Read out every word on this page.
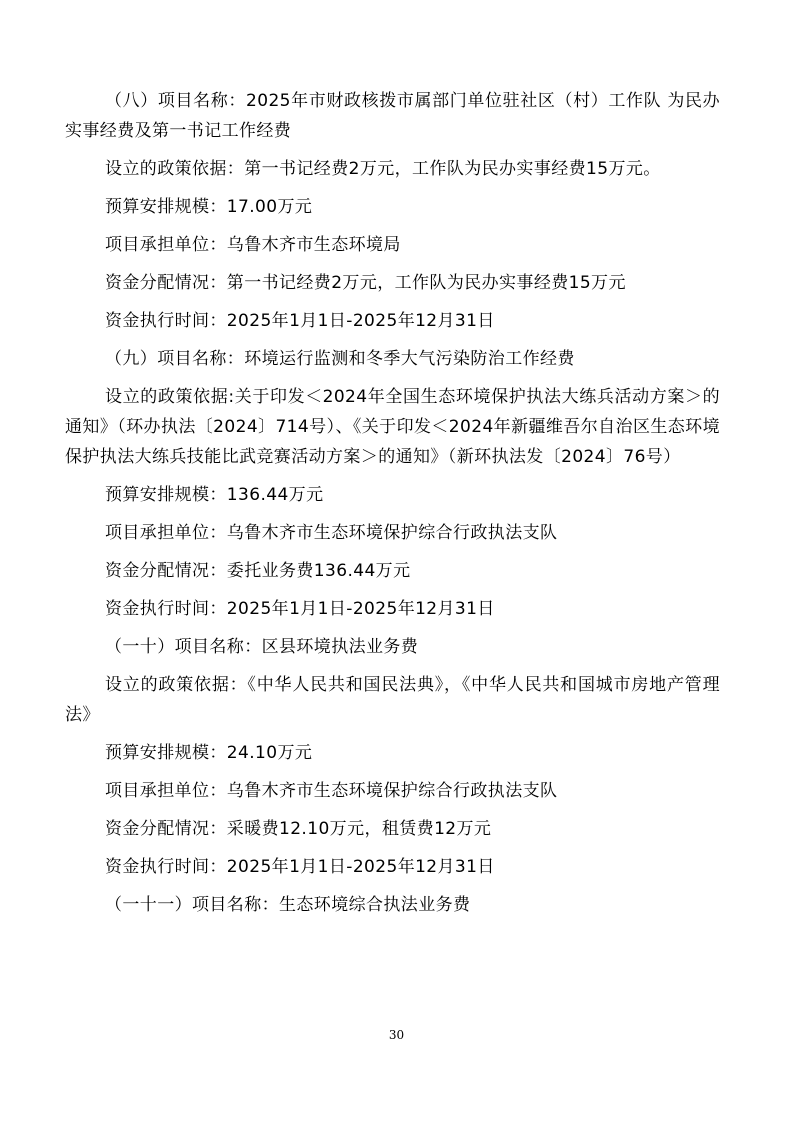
（八）项目名称：2025年市财政核拨市属部门单位驻社区（村）工作队 为民办实事经费及第一书记工作经费

设立的政策依据：第一书记经费2万元，工作队为民办实事经费15万元。

预算安排规模：17.00万元

项目承担单位：乌鲁木齐市生态环境局

资金分配情况：第一书记经费2万元，工作队为民办实事经费15万元

资金执行时间：2025年1月1日-2025年12月31日

（九）项目名称：环境运行监测和冬季大气污染防治工作经费

设立的政策依据:关于印发＜2024年全国生态环境保护执法大练兵活动方案＞的通知》（环办执法〔2024〕714号）、《关于印发＜2024年新疆维吾尔自治区生态环境保护执法大练兵技能比武竞赛活动方案＞的通知》（新环执法发〔2024〕76号）

预算安排规模：136.44万元

项目承担单位：乌鲁木齐市生态环境保护综合行政执法支队

资金分配情况：委托业务费136.44万元

资金执行时间：2025年1月1日-2025年12月31日

（一十）项目名称：区县环境执法业务费

设立的政策依据：《中华人民共和国民法典》，《中华人民共和国城市房地产管理法》

预算安排规模：24.10万元

项目承担单位：乌鲁木齐市生态环境保护综合行政执法支队

资金分配情况：采暖费12.10万元，租赁费12万元

资金执行时间：2025年1月1日-2025年12月31日

（一十一）项目名称：生态环境综合执法业务费

30
